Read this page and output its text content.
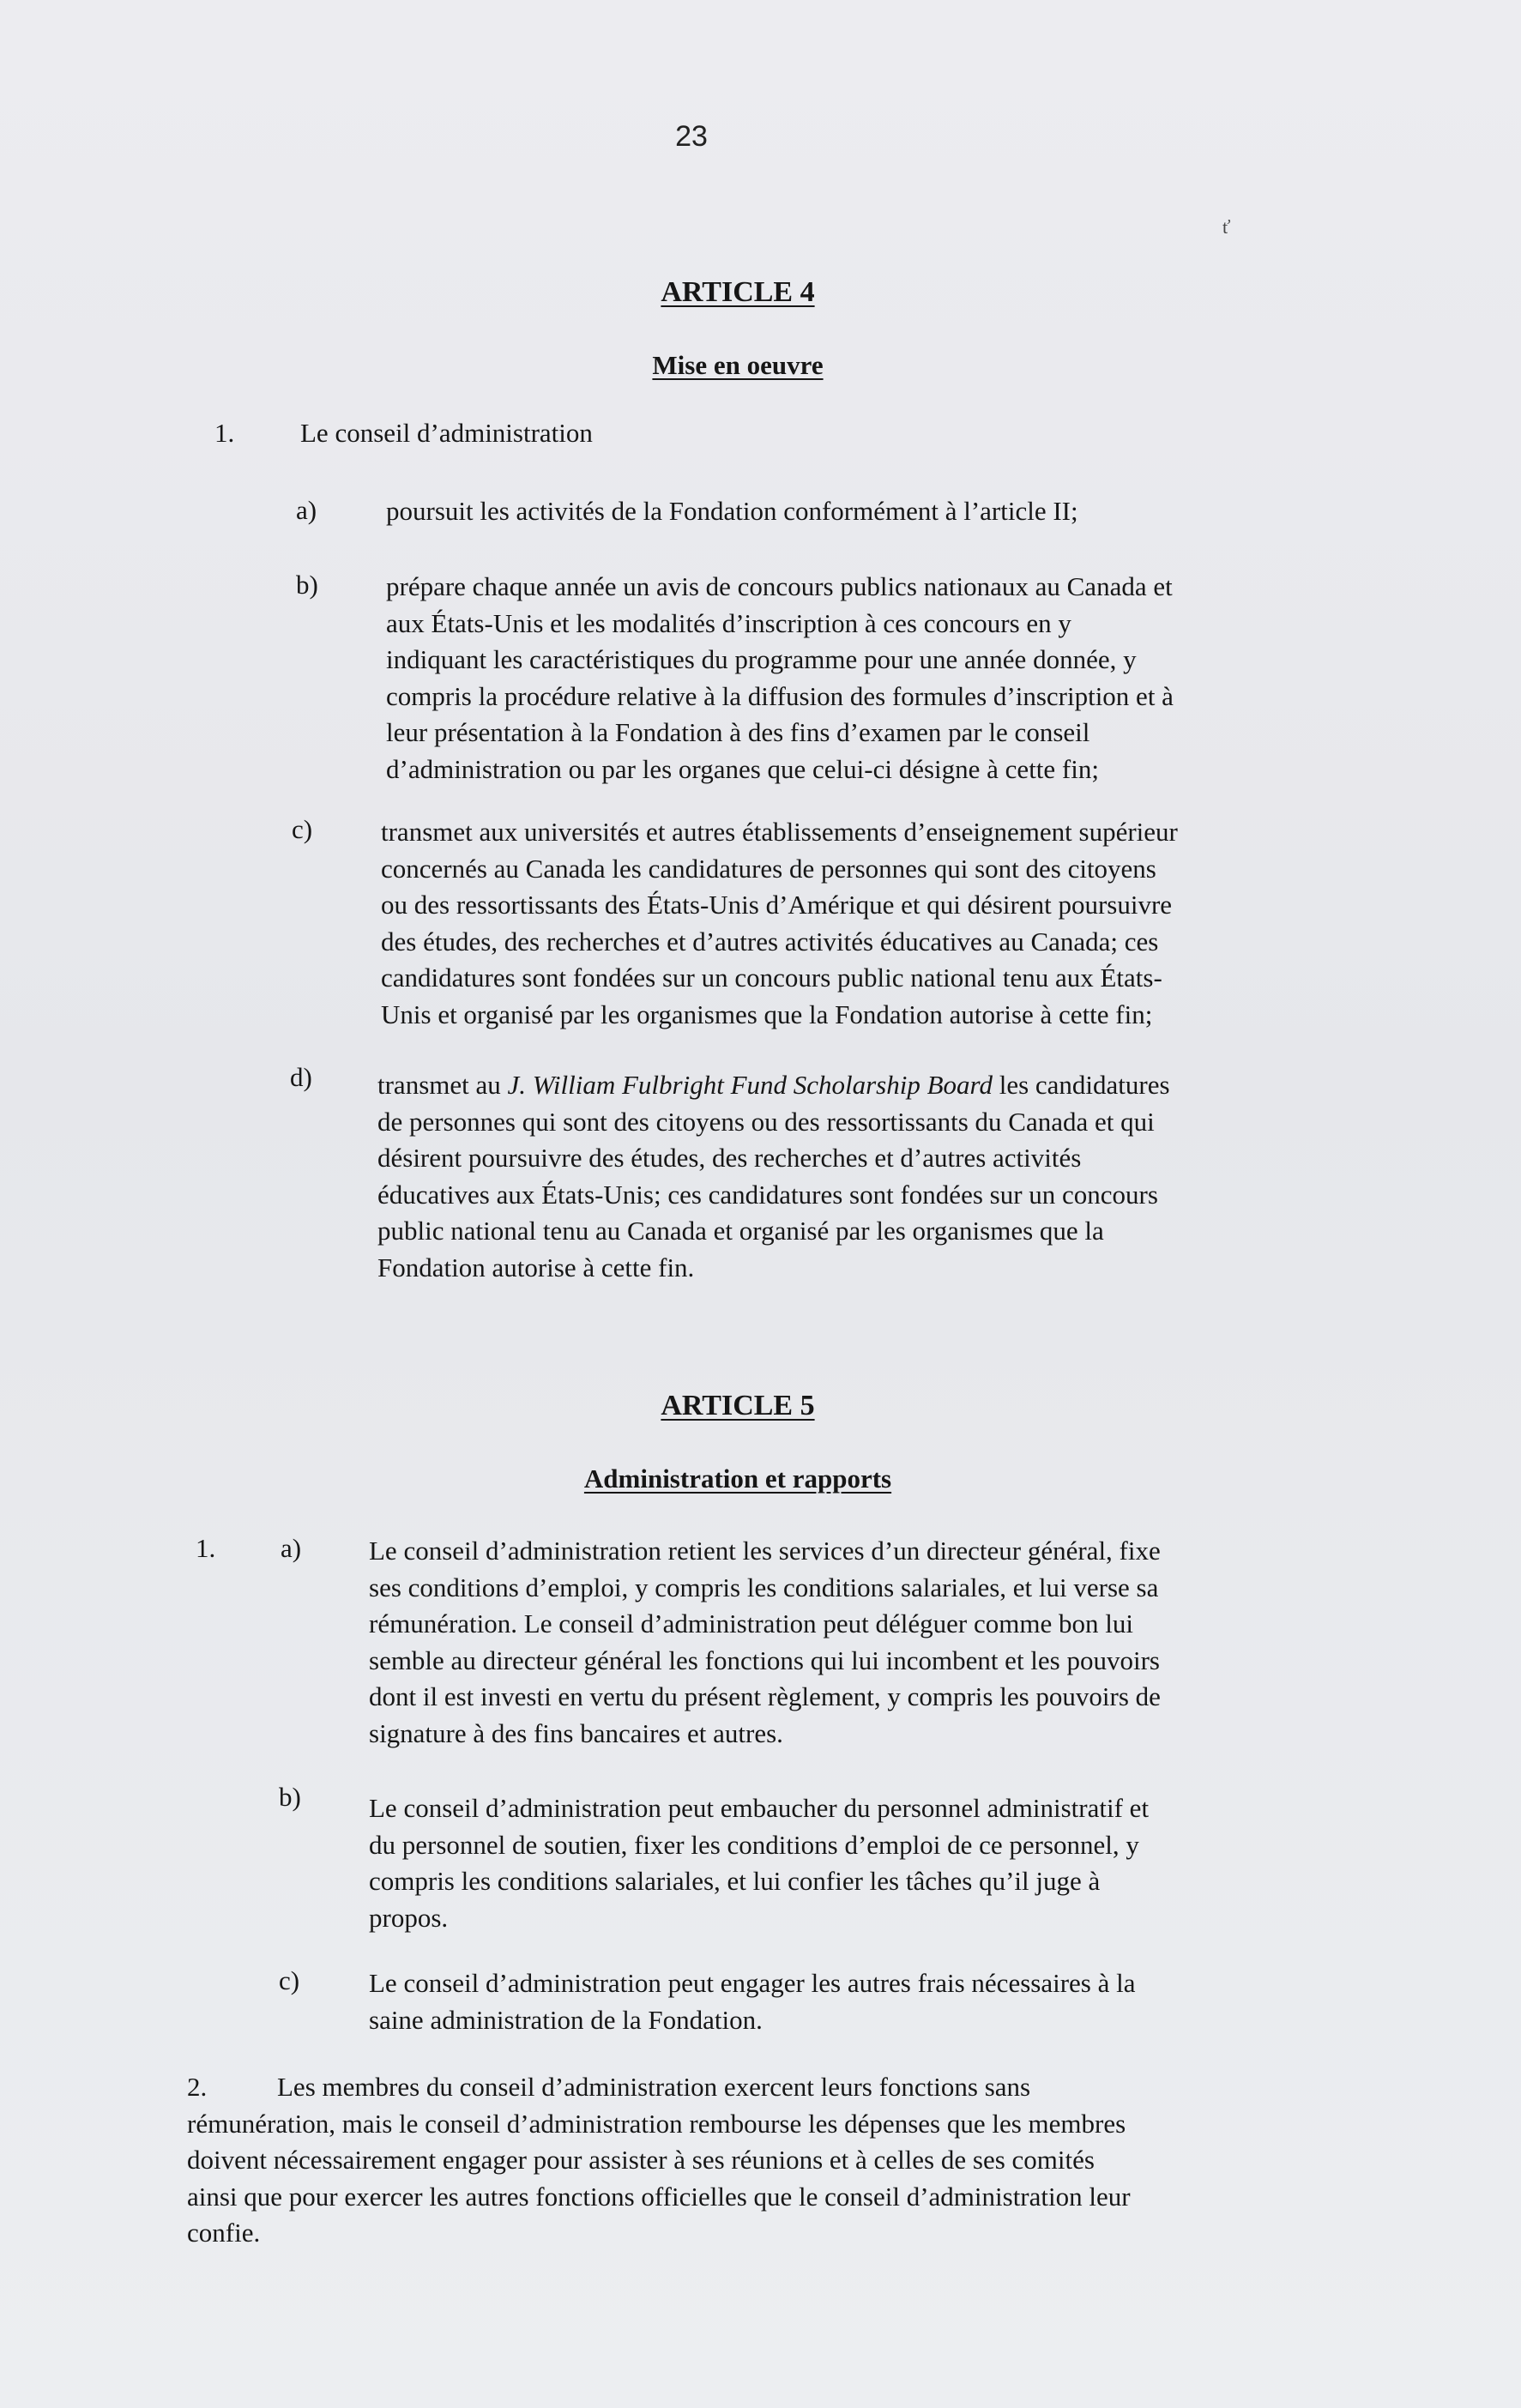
23
ť
ARTICLE 4
Mise en oeuvre
1. Le conseil d’administration
a)	poursuit les activités de la Fondation conformément à l’article II;
b)	prépare chaque année un avis de concours publics nationaux au Canada et
aux États-Unis et les modalités d’inscription à ces concours en y
indiquant les caractéristiques du programme pour une année donnée, y
compris la procédure relative à la diffusion des formules d’inscription et à
leur présentation à la Fondation à des fins d’examen par le conseil
d’administration ou par les organes que celui-ci désigne à cette fin;
c)	transmet aux universités et autres établissements d’enseignement supérieur
concernés au Canada les candidatures de personnes qui sont des citoyens
ou des ressortissants des États-Unis d’Amérique et qui désirent poursuivre
des études, des recherches et d’autres activités éducatives au Canada; ces
candidatures sont fondées sur un concours public national tenu aux États-
Unis et organisé par les organismes que la Fondation autorise à cette fin;
d) transmet au J. William Fulbright Fund Scholarship Board les candidatures
de personnes qui sont des citoyens ou des ressortissants du Canada et qui
désirent poursuivre des études, des recherches et d’autres activités
éducatives aux États-Unis; ces candidatures sont fondées sur un concours
public national tenu au Canada et organisé par les organismes que la
Fondation autorise à cette fin.
ARTICLE 5
Administration et rapports
1. a)	Le conseil d’administration retient les services d’un directeur général, fixe
ses conditions d’emploi, y compris les conditions salariales, et lui verse sa
rémunération. Le conseil d’administration peut déléguer comme bon lui
semble au directeur général les fonctions qui lui incombent et les pouvoirs
dont il est investi en vertu du présent règlement, y compris les pouvoirs de
signature à des fins bancaires et autres.
b)	Le conseil d’administration peut embaucher du personnel administratif et
du personnel de soutien, fixer les conditions d’emploi de ce personnel, y
compris les conditions salariales, et lui confier les tâches qu’il juge à
propos.
c)	Le conseil d’administration peut engager les autres frais nécessaires à la
saine administration de la Fondation.
2.	Les membres du conseil d’administration exercent leurs fonctions sans
rémunération, mais le conseil d’administration rembourse les dépenses que les membres
doivent nécessairement engager pour assister à ses réunions et à celles de ses comités
ainsi que pour exercer les autres fonctions officielles que le conseil d’administration leur
confie.
